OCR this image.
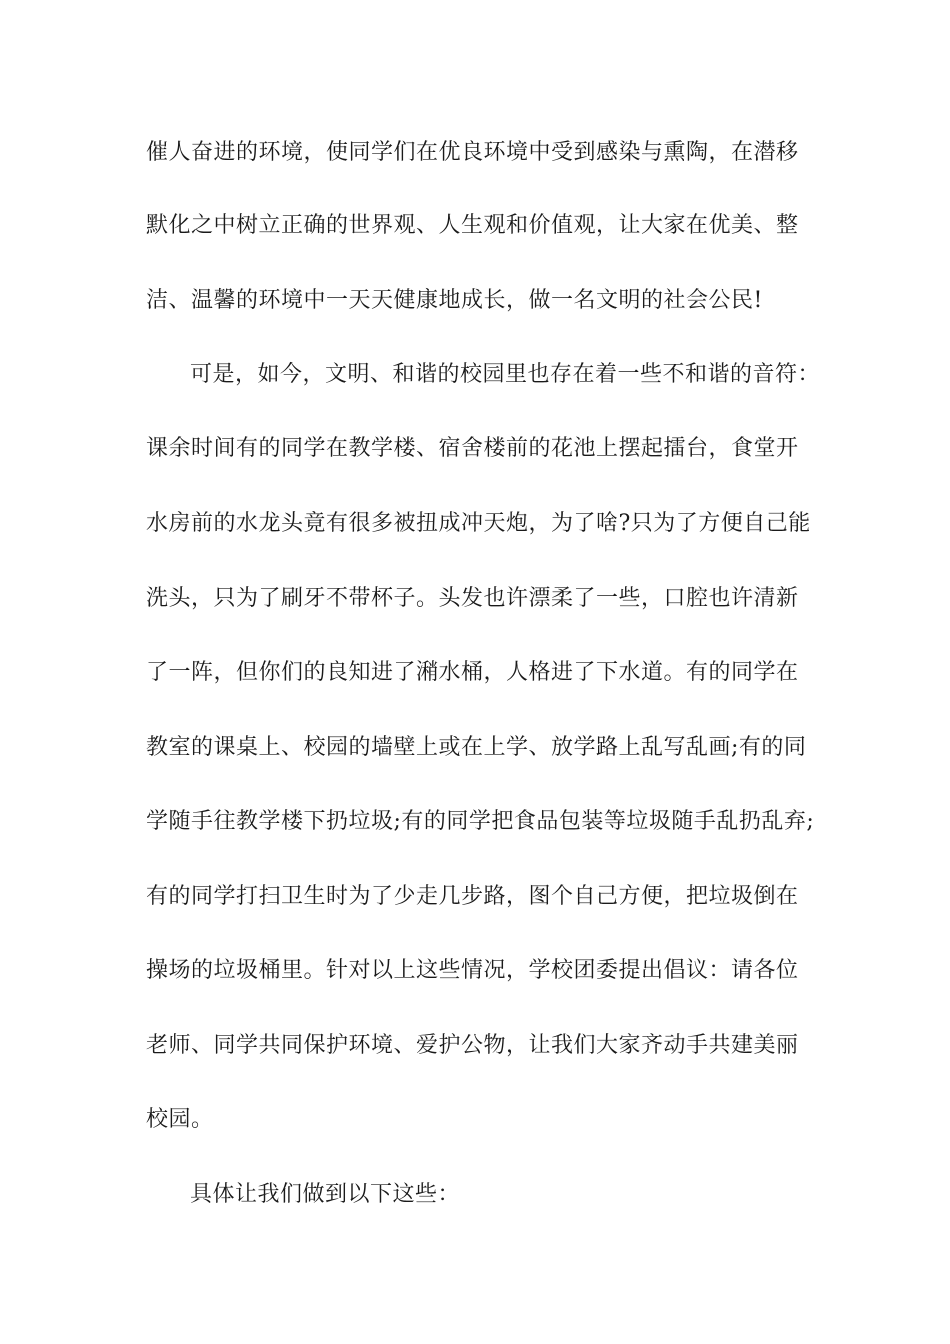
催人奋进的环境，使同学们在优良环境中受到感染与熏陶，在潜移
默化之中树立正确的世界观、人生观和价值观，让大家在优美、整
洁、温馨的环境中一天天健康地成长，做一名文明的社会公民!
可是，如今，文明、和谐的校园里也存在着一些不和谐的音符：
课余时间有的同学在教学楼、宿舍楼前的花池上摆起擂台，食堂开
水房前的水龙头竟有很多被扭成冲天炮，为了啥?只为了方便自己能
洗头，只为了刷牙不带杯子。头发也许漂柔了一些，口腔也许清新
了一阵，但你们的良知进了潲水桶，人格进了下水道。有的同学在
教室的课桌上、校园的墙壁上或在上学、放学路上乱写乱画;有的同
学随手往教学楼下扔垃圾;有的同学把食品包装等垃圾随手乱扔乱弃;
有的同学打扫卫生时为了少走几步路，图个自己方便，把垃圾倒在
操场的垃圾桶里。针对以上这些情况，学校团委提出倡议：请各位
老师、同学共同保护环境、爱护公物，让我们大家齐动手共建美丽
校园。
具体让我们做到以下这些：
